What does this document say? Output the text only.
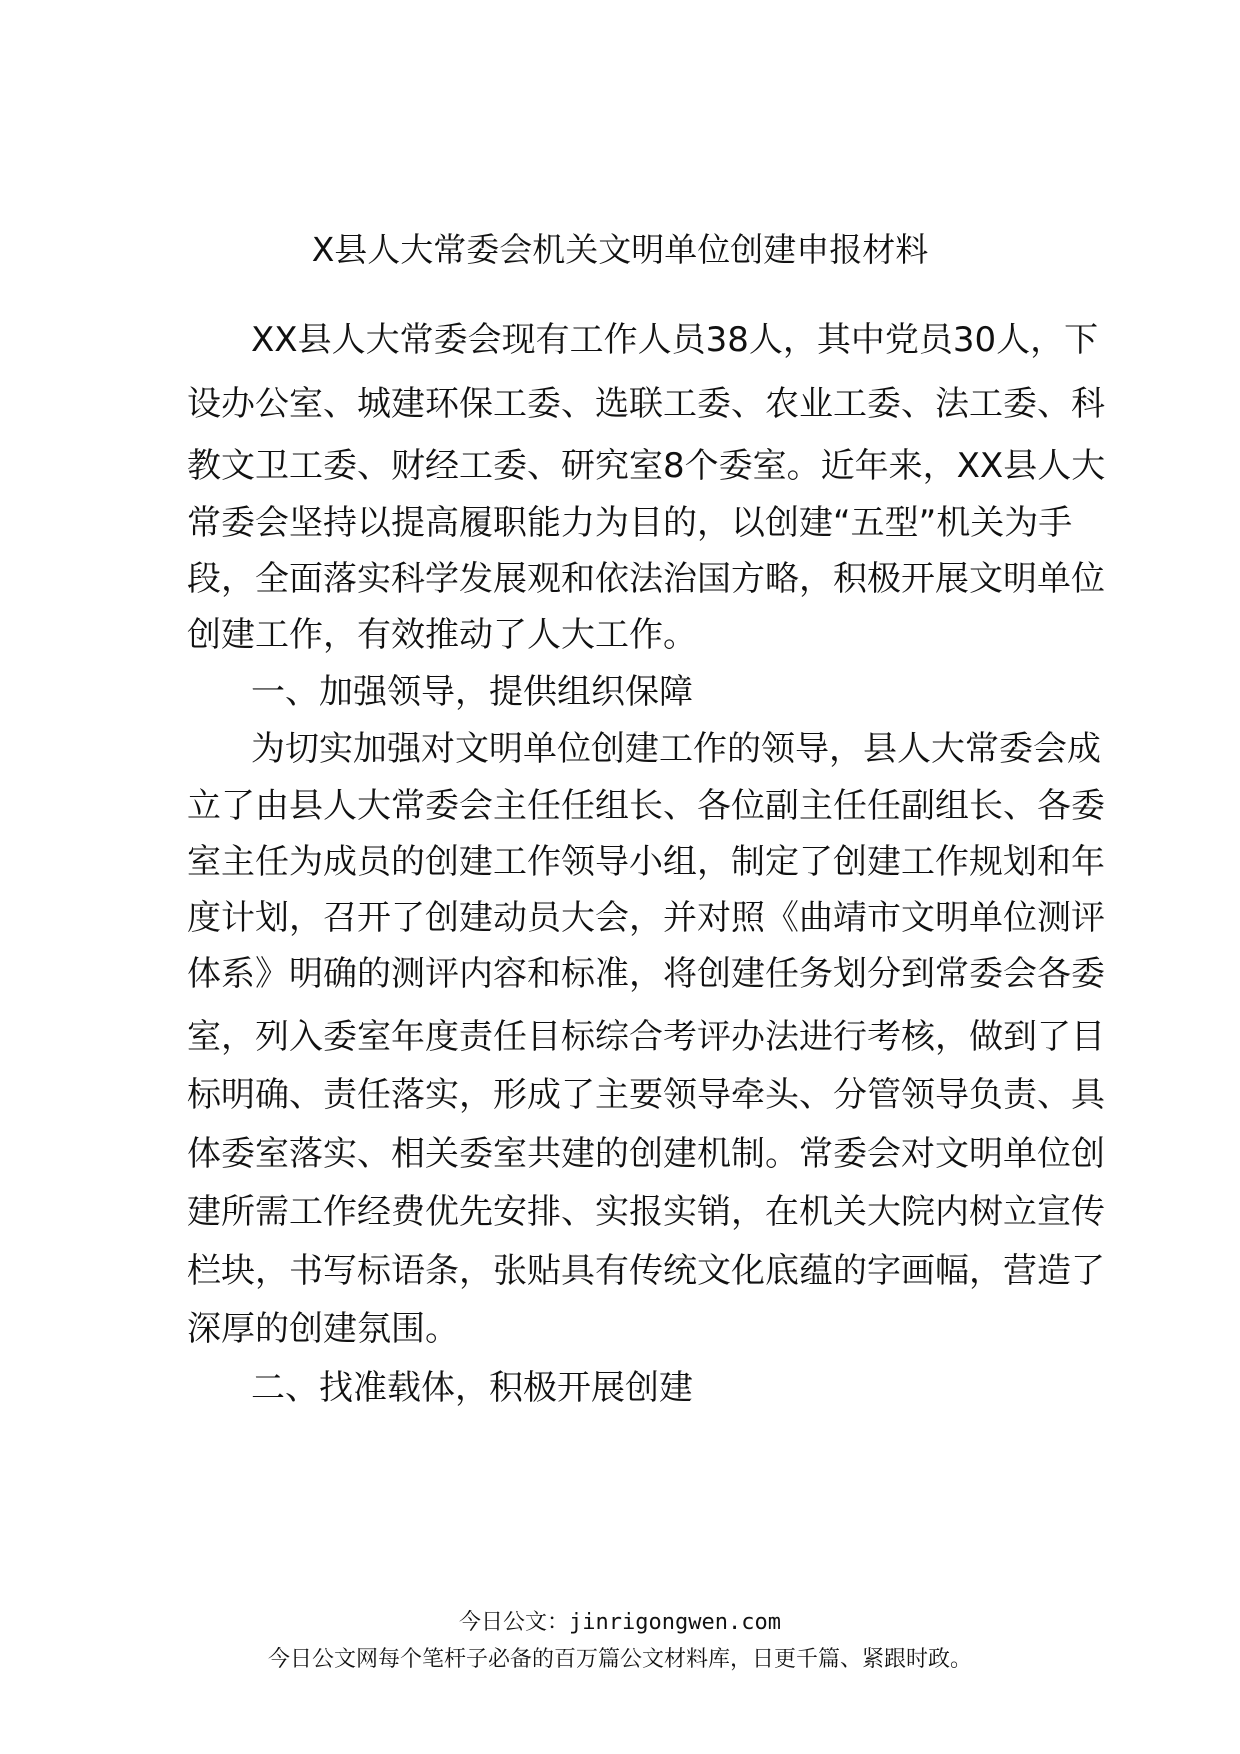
X县人大常委会机关文明单位创建申报材料
XX县人大常委会现有工作人员38人，其中党员30人，下
设办公室、城建环保工委、选联工委、农业工委、法工委、科
教文卫工委、财经工委、研究室8个委室。近年来，XX县人大
常委会坚持以提高履职能力为目的，以创建“五型”机关为手
段，全面落实科学发展观和依法治国方略，积极开展文明单位
创建工作，有效推动了人大工作。
一、加强领导，提供组织保障
为切实加强对文明单位创建工作的领导，县人大常委会成
立了由县人大常委会主任任组长、各位副主任任副组长、各委
室主任为成员的创建工作领导小组，制定了创建工作规划和年
度计划，召开了创建动员大会，并对照《曲靖市文明单位测评
体系》明确的测评内容和标准，将创建任务划分到常委会各委
室，列入委室年度责任目标综合考评办法进行考核，做到了目
标明确、责任落实，形成了主要领导牵头、分管领导负责、具
体委室落实、相关委室共建的创建机制。常委会对文明单位创
建所需工作经费优先安排、实报实销，在机关大院内树立宣传
栏块，书写标语条，张贴具有传统文化底蕴的字画幅，营造了
深厚的创建氛围。
二、找准载体，积极开展创建
今日公文：jinrigongwen.com
今日公文网每个笔杆子必备的百万篇公文材料库，日更千篇、紧跟时政。
